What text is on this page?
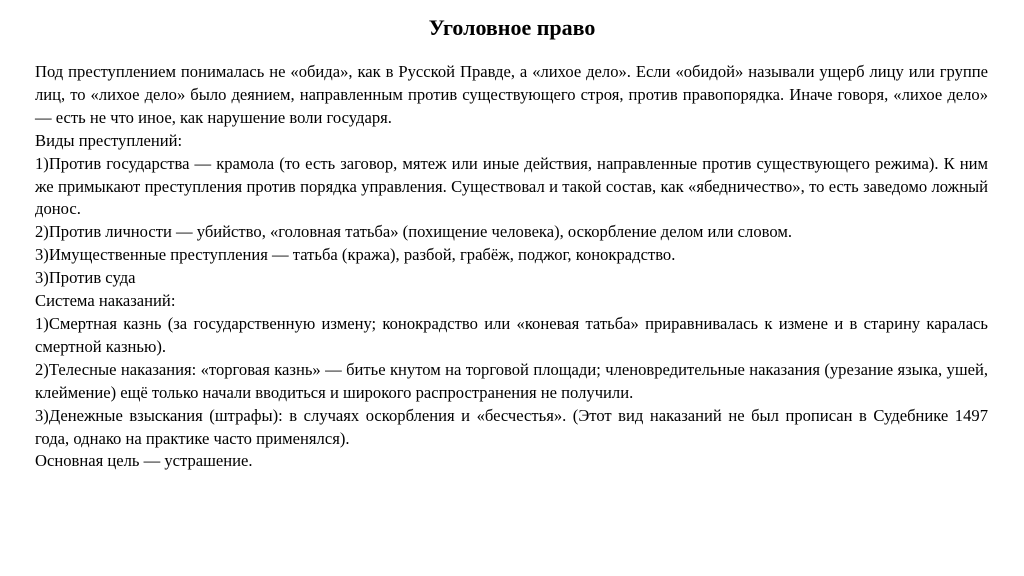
Уголовное право

Под преступлением понималась не «обида», как в Русской Правде, а «лихое дело». Если «обидой» называли ущерб лицу или группе лиц, то «лихое дело» было деянием, направленным против существующего строя, против правопорядка. Иначе говоря, «лихое дело» — есть не что иное, как нарушение воли государя.

Виды преступлений:

1)Против государства — крамола (то есть заговор, мятеж или иные действия, направленные против существующего режима). К ним же примыкают преступления против порядка управления. Существовал и такой состав, как «ябедничество», то есть заведомо ложный донос.

2)Против личности — убийство, «головная татьба» (похищение человека), оскорбление делом или словом.

3)Имущественные преступления — татьба (кража), разбой, грабёж, поджог, конокрадство.

3)Против суда

Система наказаний:

1)Смертная казнь (за государственную измену; конокрадство или «коневая татьба» приравнивалась к измене и в старину каралась смертной казнью).

2)Телесные наказания: «торговая казнь» — битье кнутом на торговой площади; членовредительные наказания (урезание языка, ушей, клеймение) ещё только начали вводиться и широкого распространения не получили.

3)Денежные взыскания (штрафы): в случаях оскорбления и «бесчестья». (Этот вид наказаний не был прописан в Судебнике 1497 года, однако на практике часто применялся).

Основная цель — устрашение.
